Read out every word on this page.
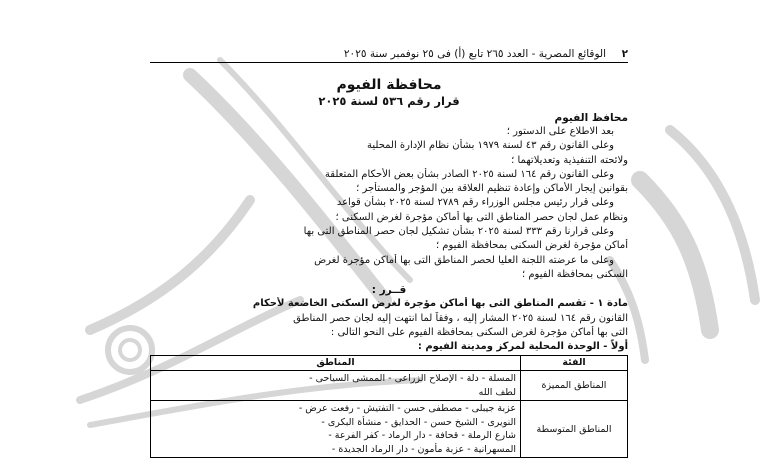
٢
الوقائع المصرية - العدد ٢٦٥ تابع (أ) فى ٢٥ نوفمبر سنة ٢٠٢٥
محافظة الفيوم
قرار رقم ٥٣٦ لسنة ٢٠٢٥
محافظ الفيوم
بعد الاطلاع على الدستور ؛
وعلى القانون رقم ٤٣ لسنة ١٩٧٩ بشأن نظام الإدارة المحلية
ولائحته التنفيذية وتعديلاتهما ؛
وعلى القانون رقم ١٦٤ لسنة ٢٠٢٥ الصادر بشأن بعض الأحكام المتعلقة
بقوانين إيجار الأماكن وإعادة تنظيم العلاقة بين المؤجر والمستأجر ؛
وعلى قرار رئيس مجلس الوزراء رقم ٢٧٨٩ لسنة ٢٠٢٥ بشأن قواعد
ونظام عمل لجان حصر المناطق التى بها أماكن مؤجرة لغرض السكنى ؛
وعلى قرارنا رقم ٣٣٣ لسنة ٢٠٢٥ بشأن تشكيل لجان حصر المناطق التى بها
أماكن مؤجرة لغرض السكنى بمحافظة الفيوم ؛
وعلى ما عرضته اللجنة العليا لحصر المناطق التى بها أماكن مؤجرة لغرض
السكنى بمحافظة الفيوم ؛
قــرر :
مادة ١ - تقسم المناطق التى بها أماكن مؤجرة لغرض السكنى الخاضعة لأحكام
القانون رقم ١٦٤ لسنة ٢٠٢٥ المشار إليه ، وفقاً لما انتهت إليه لجان حصر المناطق
التى بها أماكن مؤجرة لغرض السكنى بمحافظة الفيوم على النحو التالى :
أولاً - الوحدة المحلية لمركز ومدينة الفيوم :
الفئة	المناطق
المناطق المميزة	المسلة - دلة - الإصلاح الزراعى - الممشى السياحى -
لطف الله

المناطق المتوسطة	عزبة جيبلى - مصطفى حسن - التفتيش - رفعت عرض -
النويرى - الشيخ حسن - الحدايق - منشأة البكرى -
شارع الرملة - قحافة - دار الرماد - كفر الفرعة -
المسهرانية - عزبة مأمون - دار الرماد الجديدة -
